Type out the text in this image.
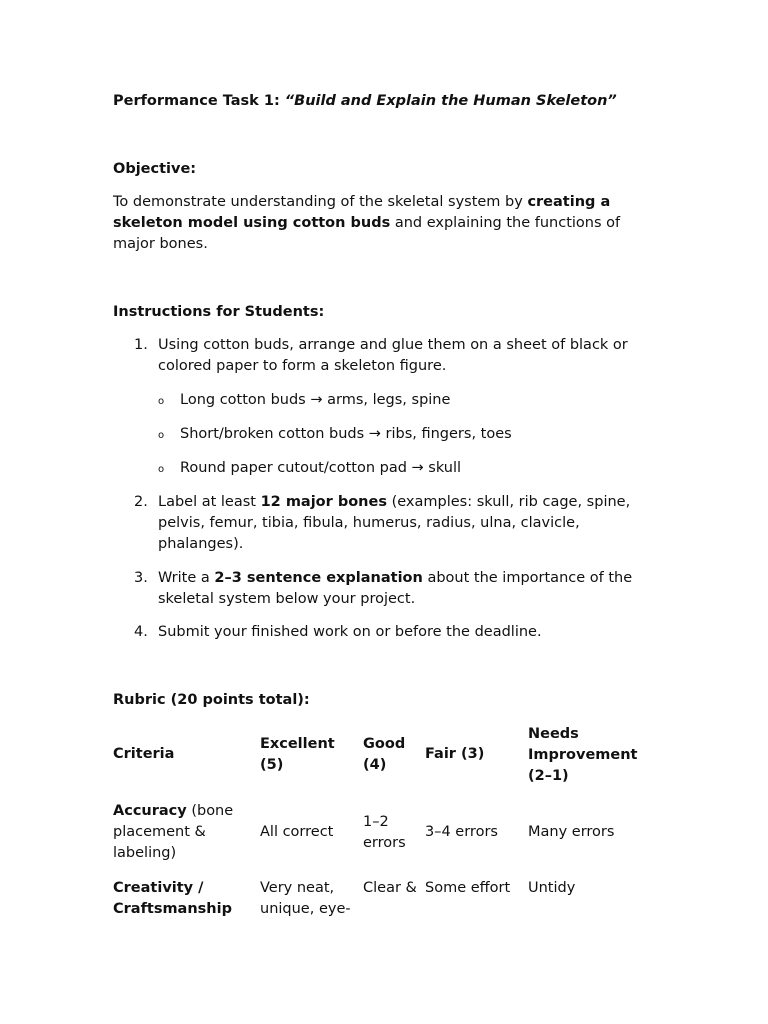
Performance Task 1: “Build and Explain the Human Skeleton”

Objective:

To demonstrate understanding of the skeletal system by creating a skeleton model using cotton buds and explaining the functions of major bones.

Instructions for Students:

1. Using cotton buds, arrange and glue them on a sheet of black or colored paper to form a skeleton figure.
o Long cotton buds → arms, legs, spine
o Short/broken cotton buds → ribs, fingers, toes
o Round paper cutout/cotton pad → skull
2. Label at least 12 major bones (examples: skull, rib cage, spine, pelvis, femur, tibia, fibula, humerus, radius, ulna, clavicle, phalanges).
3. Write a 2–3 sentence explanation about the importance of the skeletal system below your project.
4. Submit your finished work on or before the deadline.

Rubric (20 points total):

Criteria
Excellent (5)
Good (4)
Fair (3)
Needs Improvement (2–1)
Accuracy (bone placement & labeling)
All correct
1–2 errors
3–4 errors	Many errors
Creativity / Craftsmanship
Very neat, unique, eye-
Clear & Some effort	Untidy
